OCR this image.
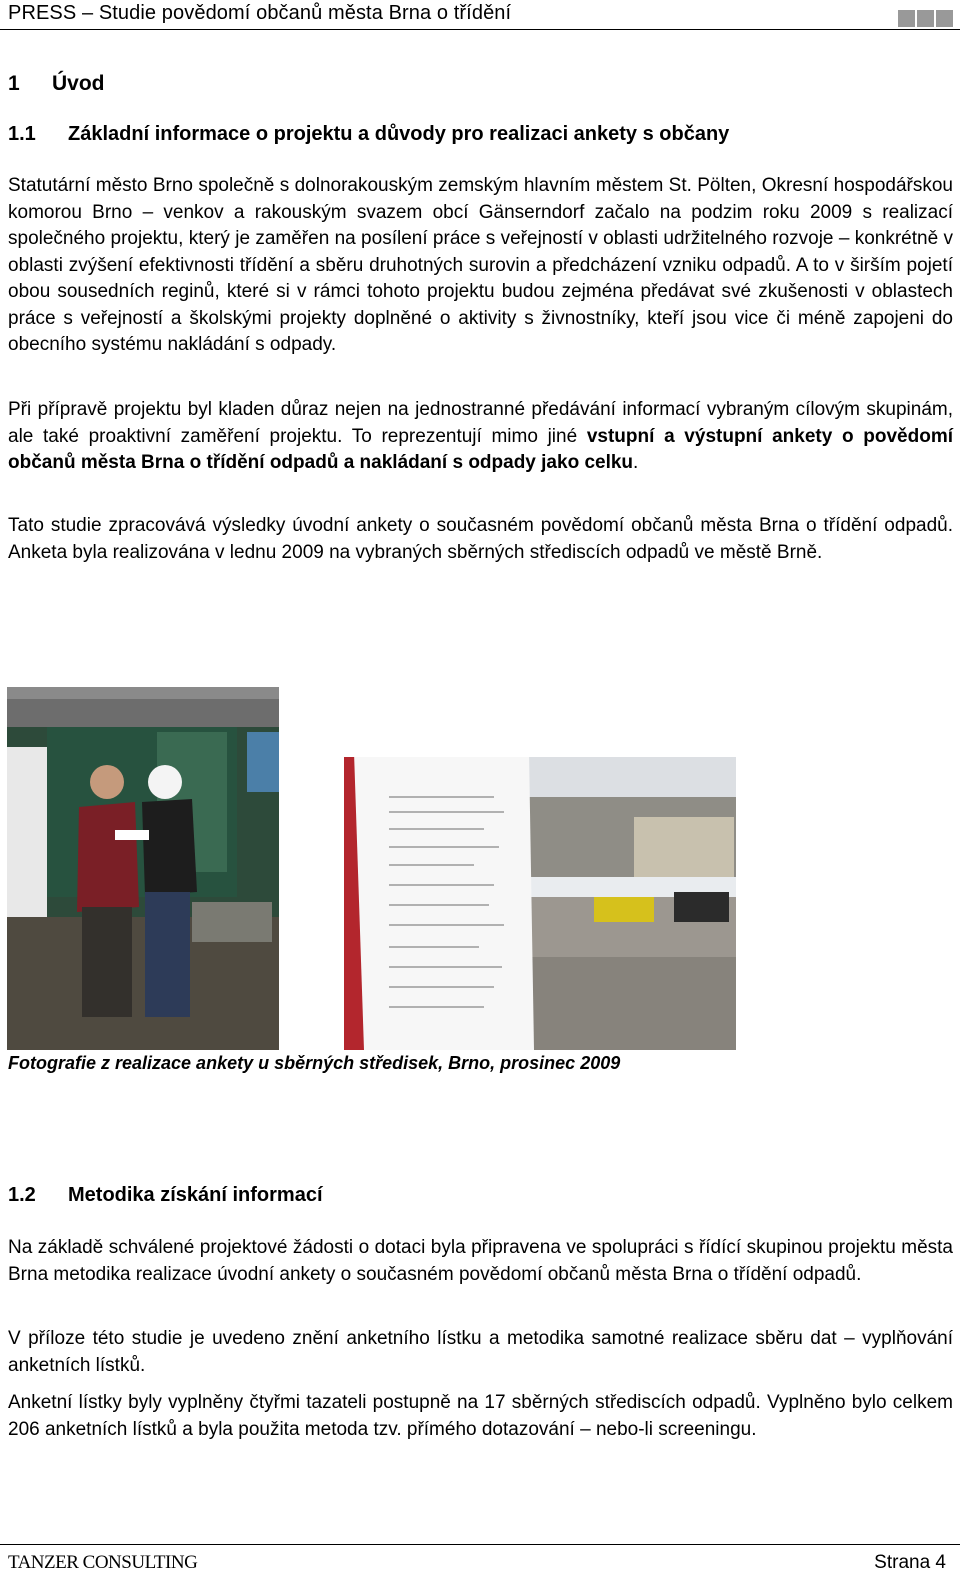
PRESS – Studie povědomí občanů města Brna o třídění
1 Úvod
1.1 Základní informace o projektu a důvody pro realizaci ankety s občany

Statutární město Brno společně s dolnorakouským zemským hlavním městem St. Pölten, Okresní hospodářskou komorou Brno – venkov a rakouským svazem obcí Gänserndorf začalo na podzim roku 2009 s realizací společného projektu, který je zaměřen na posílení práce s veřejností v oblasti udržitelného rozvoje – konkrétně v oblasti zvýšení efektivnosti třídění a sběru druhotných surovin a předcházení vzniku odpadů. A to v širším pojetí obou sousedních reginů, které si v rámci tohoto projektu budou zejména předávat své zkušenosti v oblastech práce s veřejností a školskými projekty doplněné o aktivity s živnostníky, kteří jsou vice či méně zapojeni do obecního systému nakládání s odpady.

Při přípravě projektu byl kladen důraz nejen na jednostranné předávání informací vybraným cílovým skupinám, ale také proaktivní zaměření projektu. To reprezentují mimo jiné vstupní a výstupní ankety o povědomí občanů města Brna o třídění odpadů a nakládaní s odpady jako celku.

Tato studie zpracovává výsledky úvodní ankety o současném povědomí občanů města Brna o třídění odpadů. Anketa byla realizována v lednu 2009 na vybraných sběrných střediscích odpadů ve městě Brně.

Fotografie z realizace ankety u sběrných středisek, Brno, prosinec 2009
1.2 Metodika získání informací

Na základě schválené projektové žádosti o dotaci byla připravena ve spolupráci s řídící skupinou projektu města Brna metodika realizace úvodní ankety o současném povědomí občanů města Brna o třídění odpadů.

V příloze této studie je uvedeno znění anketního lístku a metodika samotné realizace sběru dat – vyplňování anketních lístků.

Anketní lístky byly vyplněny čtyřmi tazateli postupně na 17 sběrných střediscích odpadů. Vyplněno bylo celkem 206 anketních lístků a byla použita metoda tzv. přímého dotazování – nebo-li screeningu.

TANZER CONSULTING	Strana 4
